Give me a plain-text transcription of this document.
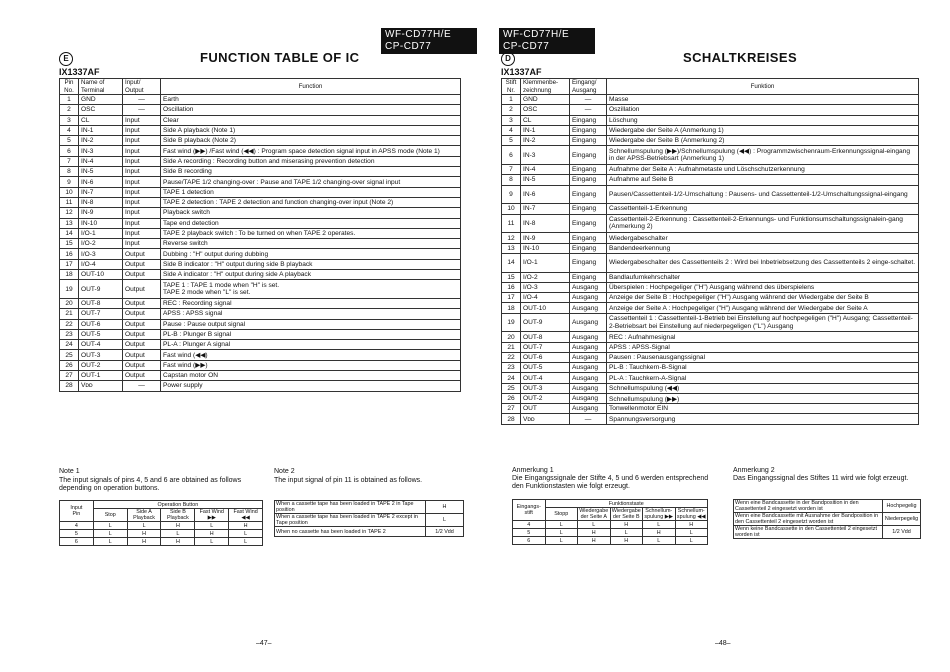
WF-CD77H/E
CP-CD77
E	FUNCTION TABLE OF IC
IX1337AF
Pin
No.	Name of
Terminal	Input/
Output	Function
1	GND	—	Earth
2	OSC	—	Oscillation
3	CL	Input	Clear
4	IN-1	Input	Side A playback (Note 1)
5	IN-2	Input	Side B playback (Note 2)
6	IN-3	Input	Fast wind (▶▶) /Fast wind (◀◀) : Program space detection signal input in APSS mode (Note 1)
7	IN-4	Input	Side A recording : Recording button and miserasing prevention detection
8	IN-5	Input	Side B recording
9	IN-6	Input	Pause/TAPE 1/2 changing-over : Pause and TAPE 1/2 changing-over signal input
10	IN-7	Input	TAPE 1 detection
11	IN-8	Input	TAPE 2 detection : TAPE 2 detection and function changing-over input (Note 2)
12	IN-9	Input	Playback switch
13	IN-10	Input	Tape end detection
14	I/O-1	Input	TAPE 2 playback switch : To be turned on when TAPE 2 operates.
15	I/O-2	Input	Reverse switch
16	I/O-3	Output	Dubbing : "H" output during dubbing
17	I/O-4	Output	Side B indicator : "H" output during side B playback
18	OUT-10	Output	Side A indicator : "H" output during side A playback
19	OUT-9	Output	TAPE 1 : TAPE 1 mode when "H" is set.
TAPE 2 mode when "L" is set.
20	OUT-8	Output	REC : Recording signal
21	OUT-7	Output	APSS : APSS signal
22	OUT-6	Output	Pause : Pause output signal
23	OUT-5	Output	PL-B : Plunger B signal
24	OUT-4	Output	PL-A : Plunger A signal
25	OUT-3	Output	Fast wind (◀◀)
26	OUT-2	Output	Fast wind (▶▶)
27	OUT-1	Output	Capstan motor ON
28	Vᴅᴅ	—	Power supply
Note 1
The input signals of pins 4, 5 and 6 are obtained as follows depending on operation buttons.
Input
Pin	Operation Button				
	Stop	Side A
Playback	Side B
Playback	Fast Wind
▶▶	Fast Wind
◀◀
4	L	L	H	L	H
5	L	H	L	H	L
6	L	H	H	L	L
Note 2
The input signal of pin 11 is obtained as follows.
When a cassette tape has been loaded in TAPE 2 in Tape position	H
When a cassette tape has been loaded in TAPE 2 except in Tape position	L
When no cassette has been loaded in TAPE 2	1/2 Vdd
–47–
WF-CD77H/E
CP-CD77
D	SCHALTKREISES
IX1337AF
Stift
Nr.	Klemmenbe-
zeichnung	Eingang/
Ausgang	Funktion
1	GND	—	Masse
2	OSC	—	Oszillation
3	CL	Eingang	Löschung
4	IN-1	Eingang	Wiedergabe der Seite A (Anmerkung 1)
5	IN-2	Eingang	Wiedergabe der Seite B (Anmerkung 2)
6	IN-3	Eingang	Schnellumspulung (▶▶)/Schnellumspulung (◀◀) : Programmzwischenraum-Erkennungssignal-eingang in der APSS-Betriebsart (Anmerkung 1)
7	IN-4	Eingang	Aufnahme der Seite A : Aufnahmetaste und Löschschutzerkennung
8	IN-5	Eingang	Aufnahme auf Seite B
9	IN-6	Eingang	Pausen/Cassettenteil-1/2-Umschaltung : Pausens- und Cassettenteil-1/2-Umschaltungssignal-eingang
10	IN-7	Eingang	Cassettenteil-1-Erkennung
11	IN-8	Eingang	Cassettenteil-2-Erkennung : Cassettenteil-2-Erkennungs- und Funktionsumschaltungssignalein-gang (Anmerkung 2)
12	IN-9	Eingang	Wiedergabeschalter
13	IN-10	Eingang	Bandendeerkennung
14	I/O-1	Eingang	Wiedergabeschalter des Cassettenteils 2 : Wird bei Inbetriebsetzung des Cassettenteils 2 einge-schaltet.
15	I/O-2	Eingang	Bandlaufumkehrschalter
16	I/O-3	Ausgang	Überspielen : Hochpegeliger ("H") Ausgang während des überspielens
17	I/O-4	Ausgang	Anzeige der Seite B : Hochpegeliger ("H") Ausgang während der Wiedergabe der Seite B
18	OUT-10	Ausgang	Anzeige der Seite A : Hochpegeliger ("H") Ausgang während der Wiedergabe der Seite A
19	OUT-9	Ausgang	Cassettenteil 1 : Cassettenteil-1-Betrieb bei Einstellung auf hochpegeligen ("H") Ausgang; Cassettenteil-2-Betriebsart bei Einstellung auf niederpegeligen ("L") Ausgang
20	OUT-8	Ausgang	REC : Aufnahmesignal
21	OUT-7	Ausgang	APSS : APSS-Signal
22	OUT-6	Ausgang	Pausen : Pausenausgangssignal
23	OUT-5	Ausgang	PL-B : Tauchkern-B-Signal
24	OUT-4	Ausgang	PL-A : Tauchkern-A-Signal
25	OUT-3	Ausgang	Schnellumspulung (◀◀)
26	OUT-2	Ausgang	Schnellumspulung (▶▶)
27	OUT	Ausgang	Tonwellenmotor EIN
28	Vᴅᴅ	—	Spannungsversorgung
Anmerkung 1
Die Eingangssignale der Stifte 4, 5 und 6 werden entsprechend den Funktionstasten wie folgt erzeugt.
Eingangs-
stift	Funktionstaste				
	Stopp	Wiedergabe
der Seite A	Wiedergabe
der Seite B	Schnellum-
spulung ▶▶	Schnellum-
spulung ◀◀
4	L	L	H	L	H
5	L	H	L	H	L
6	L	H	H	L	L
Anmerkung 2
Das Eingangssignal des Stiftes 11 wird wie folgt erzeugt.
Wenn eine Bandcassette in der Bandposition in den Cassettenteil 2 eingesetzt worden ist	Hochpegelig
Wenn eine Bandcassette mit Ausnahme der Bandposition in den Cassettenteil 2 eingesetzt worden ist	Niederpegelig
Wenn keine Bandcassette in den Cassettenteil 2 eingesetzt worden ist	1/2 Vdd
–48–
